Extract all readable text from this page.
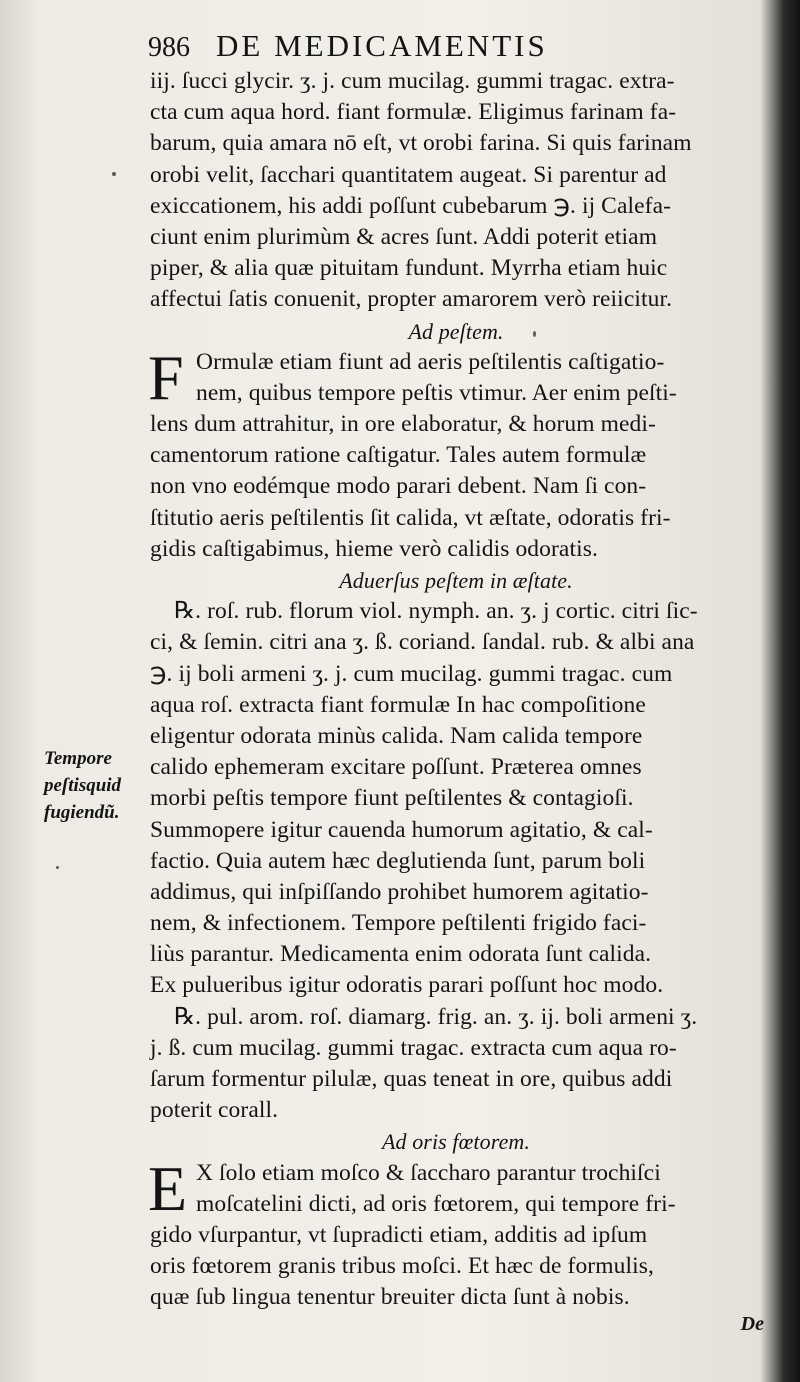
986 DE MEDICAMENTIS
iij. ſucci glycir. ʒ. j. cum mucilag. gummi tragac. extra-
cta cum aqua hord. fiant formulæ. Eligimus farinam fa-
barum, quia amara nō eſt, vt orobi farina. Si quis farinam
orobi velit, ſacchari quantitatem augeat. Si parentur ad
exiccationem, his addi poſſunt cubebarum ℈. ij Calefa-
ciunt enim plurimùm & acres ſunt. Addi poterit etiam
piper, & alia quæ pituitam fundunt. Myrrha etiam huic
affectui ſatis conuenit, propter amarorem verò reiicitur.
Ad peſtem.
F Ormulæ etiam fiunt ad aeris peſtilentis caſtigatio-
nem, quibus tempore peſtis vtimur. Aer enim peſti-
lens dum attrahitur, in ore elaboratur, & horum medi-
camentorum ratione caſtigatur. Tales autem formulæ
non vno eodémque modo parari debent. Nam ſi con-
ſtitutio aeris peſtilentis ſit calida, vt æſtate, odoratis fri-
gidis caſtigabimus, hieme verò calidis odoratis.
Aduerſus peſtem in æſtate.
℞. roſ. rub. florum viol. nymph. an. ʒ. j cortic. citri ſic-
ci, & ſemin. citri ana ʒ. ß. coriand. ſandal. rub. & albi ana
℈. ij boli armeni ʒ. j. cum mucilag. gummi tragac. cum
aqua roſ. extracta fiant formulæ In hac compoſitione
eligentur odorata minùs calida. Nam calida tempore
calido ephemeram excitare poſſunt. Præterea omnes
morbi peſtis tempore fiunt peſtilentes & contagioſi.
Summopere igitur cauenda humorum agitatio, & cal-
factio. Quia autem hæc deglutienda ſunt, parum boli
addimus, qui inſpiſſando prohibet humorem agitatio-
nem, & infectionem. Tempore peſtilenti frigido faci-
liùs parantur. Medicamenta enim odorata ſunt calida.
Ex pulueribus igitur odoratis parari poſſunt hoc modo.
℞. pul. arom. roſ. diamarg. frig. an. ʒ. ij. boli armeni ʒ.
j. ß. cum mucilag. gummi tragac. extracta cum aqua ro-
ſarum formentur pilulæ, quas teneat in ore, quibus addi
poterit corall.
Ad oris fœtorem.
E X ſolo etiam moſco & ſaccharo parantur trochiſci
moſcatelini dicti, ad oris fœtorem, qui tempore fri-
gido vſurpantur, vt ſupradicti etiam, additis ad ipſum
oris fœtorem granis tribus moſci. Et hæc de formulis,
quæ ſub lingua tenentur breuiter dicta ſunt à nobis.
Tempore
peſtisquid
fugiendũ.
De
